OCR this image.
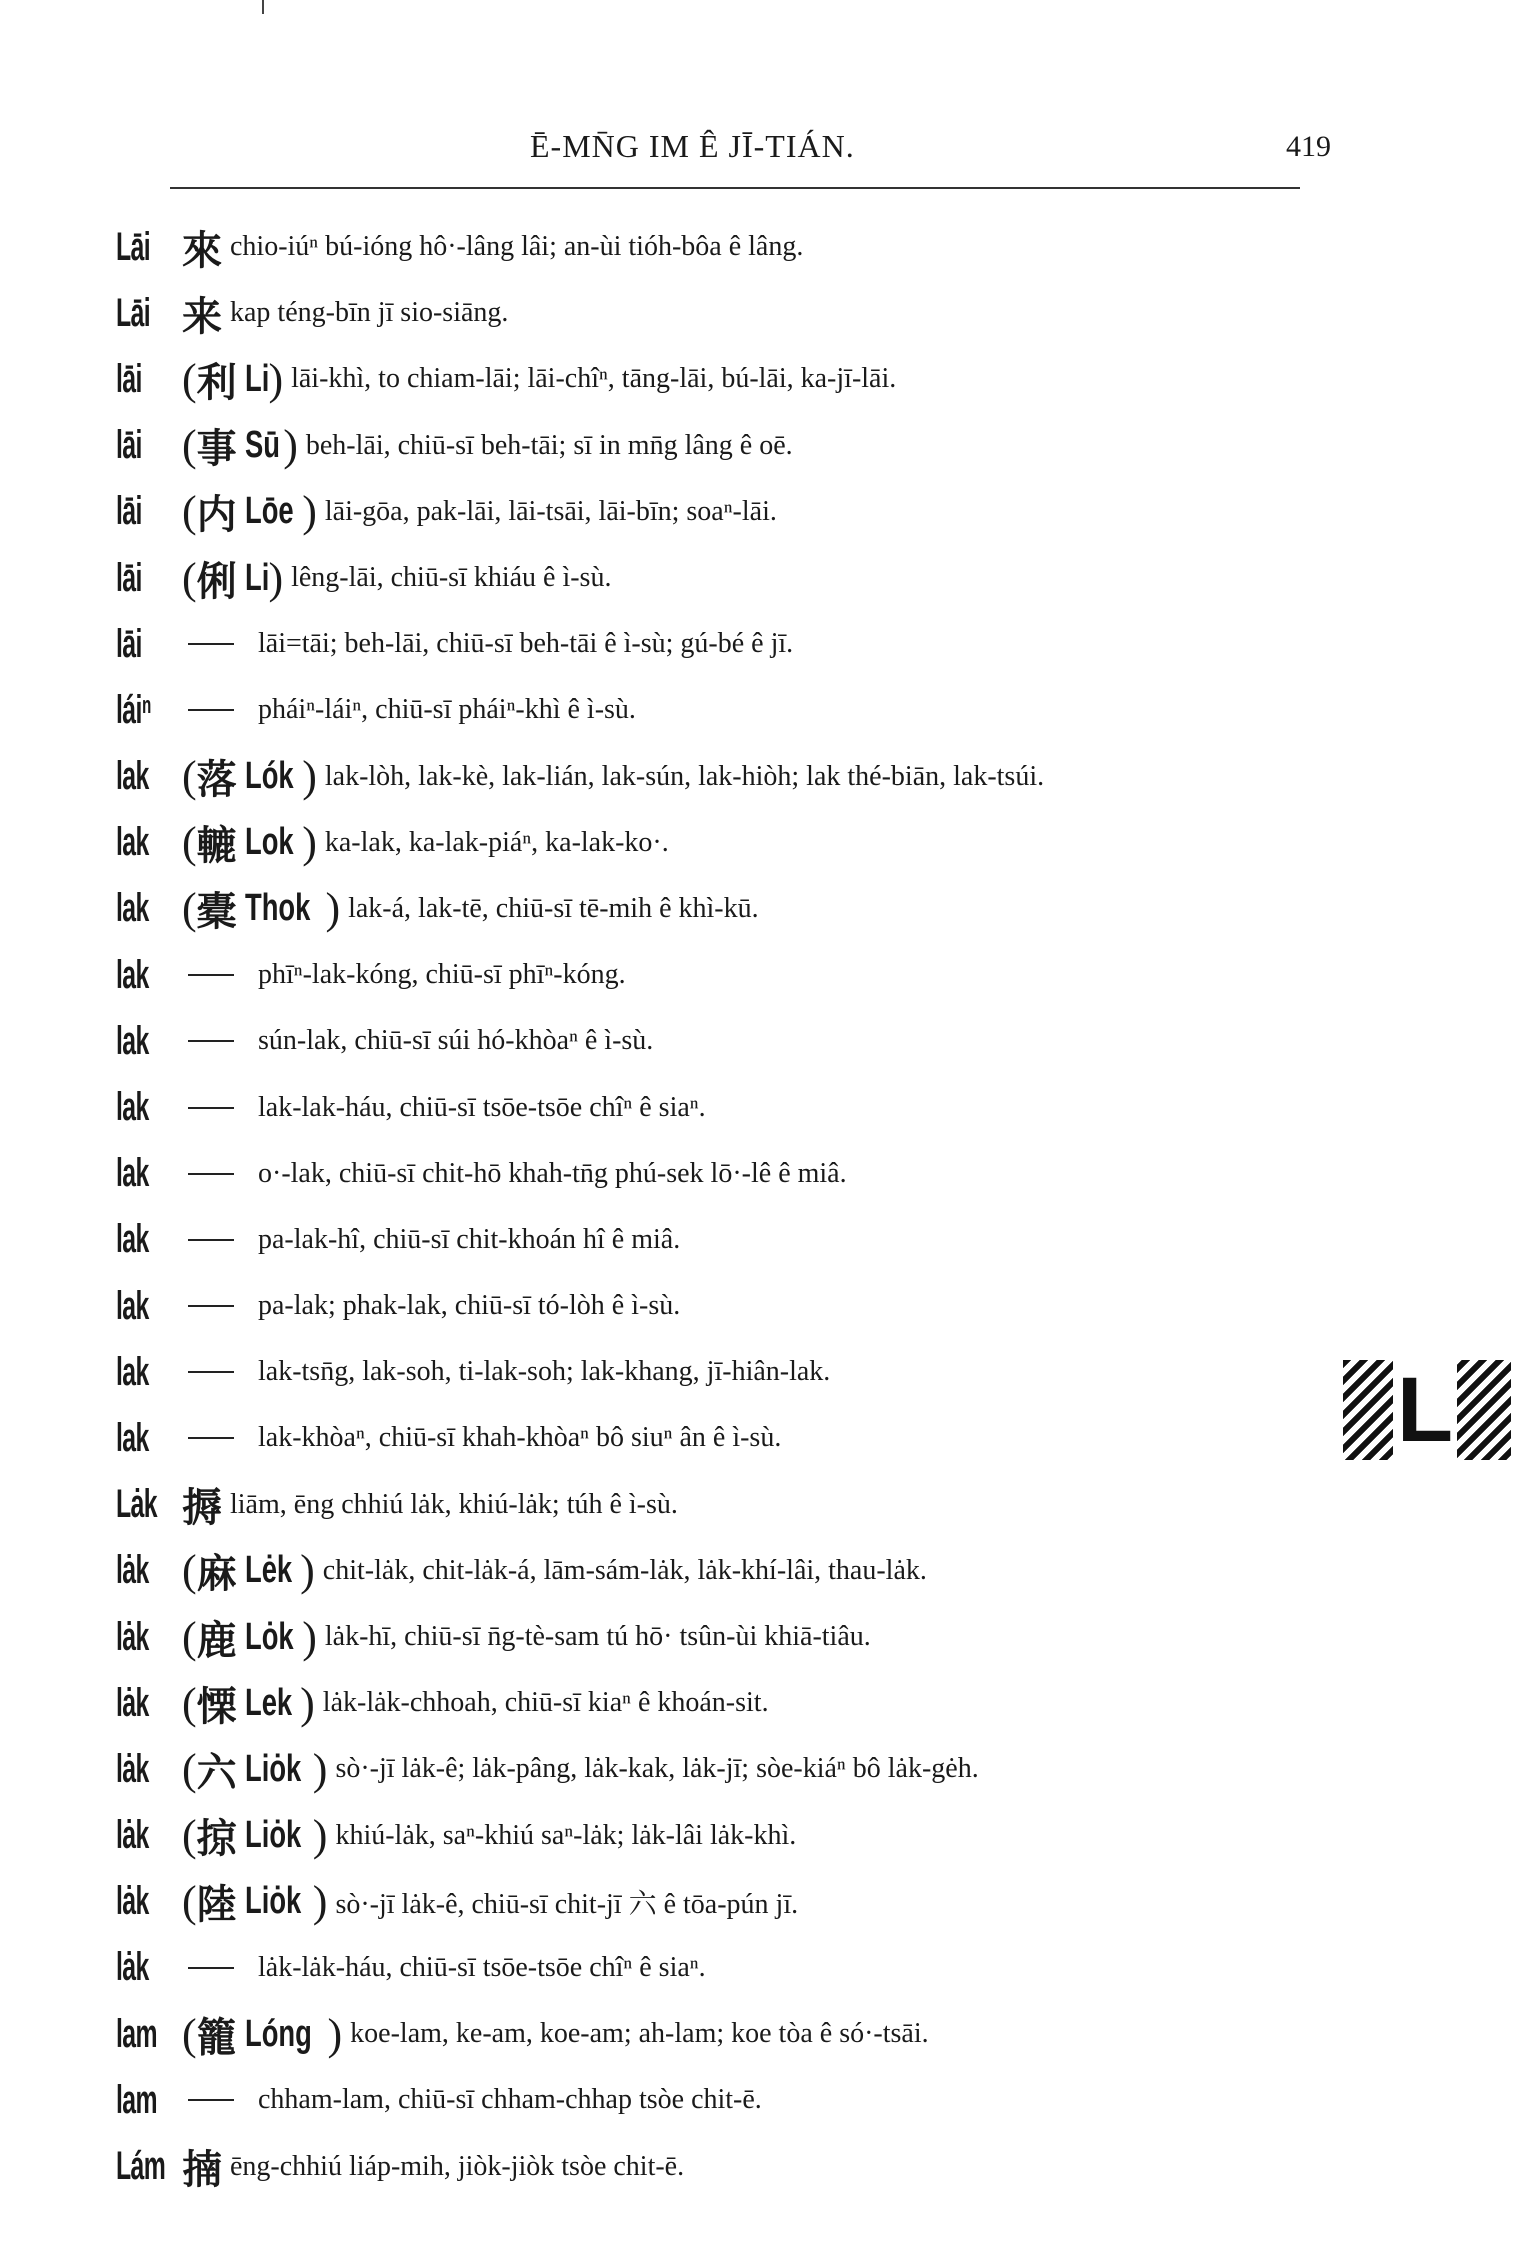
Ē-MN̄G IM Ê JĪ-TIÁN.	419
Lāi 來 chio-iúⁿ bú-ióng hô·-lâng lâi; an-ùi tióh-bôa ê lâng.
Lāi 来 kap téng-bīn jī sio-siāng.
lāi ( 利 Li ) lāi-khì, to chiam-lāi; lāi-chîⁿ, tāng-lāi, bú-lāi, ka-jī-lāi.
lāi ( 事 Sū ) beh-lāi, chiū-sī beh-tāi; sī in mn̄g lâng ê oē.
lāi ( 内 Lōe ) lāi-gōa, pak-lāi, lāi-tsāi, lāi-bīn; soaⁿ-lāi.
lāi ( 俐 Li ) lêng-lāi, chiū-sī khiáu ê ì-sù.
lāi	lāi=tāi; beh-lāi, chiū-sī beh-tāi ê ì-sù; gú-bé ê jī.
láiⁿ	pháiⁿ-láiⁿ, chiū-sī pháiⁿ-khì ê ì-sù.
lak ( 落 Lók ) lak-lòh, lak-kè, lak-lián, lak-sún, lak-hiòh; lak thé-biān, lak-tsúi.
lak ( 轆 Lok ) ka-lak, ka-lak-piáⁿ, ka-lak-ko·.
lak ( 橐 Thok ) lak-á, lak-tē, chiū-sī tē-mih ê khì-kū.
lak	phīⁿ-lak-kóng, chiū-sī phīⁿ-kóng.
lak	sún-lak, chiū-sī súi hó-khòaⁿ ê ì-sù.
lak	lak-lak-háu, chiū-sī tsōe-tsōe chîⁿ ê siaⁿ.
lak	o·-lak, chiū-sī chit-hō khah-tn̄g phú-sek lō·-lê ê miâ.
lak	pa-lak-hî, chiū-sī chit-khoán hî ê miâ.
lak	pa-lak; phak-lak, chiū-sī tó-lòh ê ì-sù.
lak	lak-tsn̄g, lak-soh, ti-lak-soh; lak-khang, jī-hiân-lak.
lak	lak-khòaⁿ, chiū-sī khah-khòaⁿ bô siuⁿ ân ê ì-sù.
Lȧk 搙 liām, ēng chhiú lȧk, khiú-lȧk; túh ê ì-sù.
lȧk ( 麻 Lėk ) chit-lȧk, chit-lȧk-á, lām-sám-lȧk, lȧk-khí-lâi, thau-lȧk.
lȧk ( 鹿 Lȯk ) lȧk-hī, chiū-sī n̄g-tè-sam tú hō· tsûn-ùi khiā-tiâu.
lȧk ( 慄 Lek ) lȧk-lȧk-chhoah, chiū-sī kiaⁿ ê khoán-sit.
lȧk ( 六 Liȯk ) sò·-jī lȧk-ê; lȧk-pâng, lȧk-kak, lȧk-jī; sòe-kiáⁿ bô lȧk-gėh.
lȧk ( 掠 Liȯk ) khiú-lȧk, saⁿ-khiú saⁿ-lȧk; lȧk-lâi lȧk-khì.
lȧk ( 陸 Liȯk ) sò·-jī lȧk-ê, chiū-sī chit-jī 六 ê tōa-pún jī.
lȧk	lȧk-lȧk-háu, chiū-sī tsōe-tsōe chîⁿ ê siaⁿ.
lam ( 籠 Lóng ) koe-lam, ke-am, koe-am; ah-lam; koe tòa ê só·-tsāi.
lam	chham-lam, chiū-sī chham-chhap tsòe chit-ē.
Lám 揇 ēng-chhiú liáp-mih, jiòk-jiòk tsòe chit-ē.
L
